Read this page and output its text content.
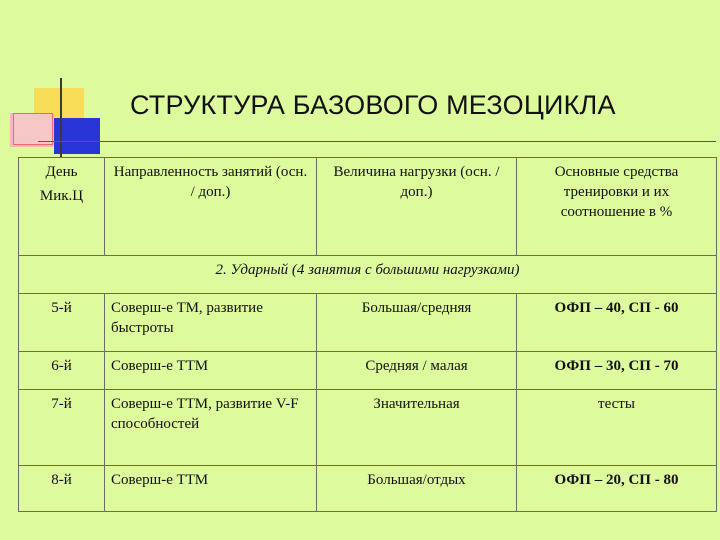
СТРУКТУРА БАЗОВОГО МЕЗОЦИКЛА
День
Мик.Ц	Направленность занятий (осн. / доп.)	Величина нагрузки (осн. / доп.)	Основные средства тренировки и их соотношение в %
2. Ударный (4 занятия с большими нагрузками)			
5-й	Соверш-е ТМ, развитие быстроты	Большая/средняя	ОФП – 40, СП - 60
6-й	Соверш-е ТТМ	Средняя / малая	ОФП – 30, СП - 70
7-й	Соверш-е ТТМ, развитие V-F способностей	Значительная	тесты
8-й	Соверш-е ТТМ	Большая/отдых	ОФП – 20, СП - 80
